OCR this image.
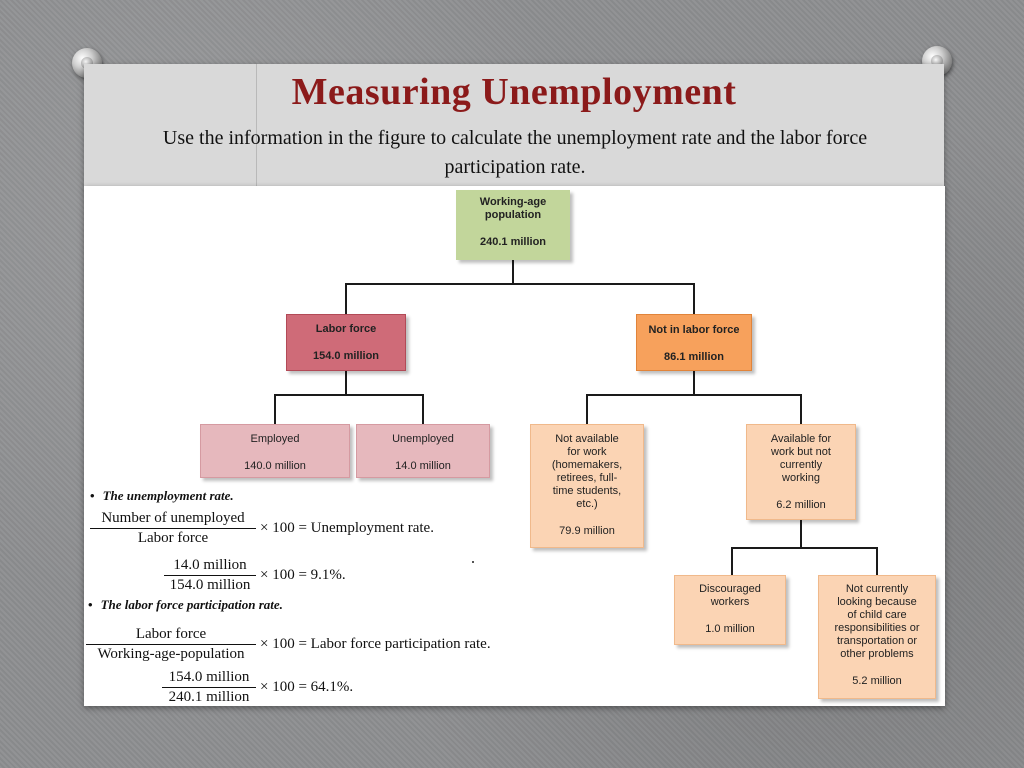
Measuring Unemployment
Use the information in the figure to calculate the unemployment rate and the labor force participation rate.
Working-age
population
240.1 million
Labor force
154.0 million
Not in labor force
86.1 million
Employed
140.0 million
Unemployed
14.0 million
Not available
for work
(homemakers,
retirees, full-
time students,
etc.)
79.9 million
Available for
work but not
currently
working
6.2 million
Discouraged
workers
1.0 million
Not currently
looking because
of child care
responsibilities or
transportation or
other problems
5.2 million
• The unemployment rate.
Number of unemployed
Labor force
× 100 = Unemployment rate.
14.0 million
154.0 million
× 100 = 9.1%.
• The labor force participation rate.
Labor force
Working-age-population
× 100 = Labor force participation rate.
154.0 million
240.1 million
× 100 = 64.1%.
